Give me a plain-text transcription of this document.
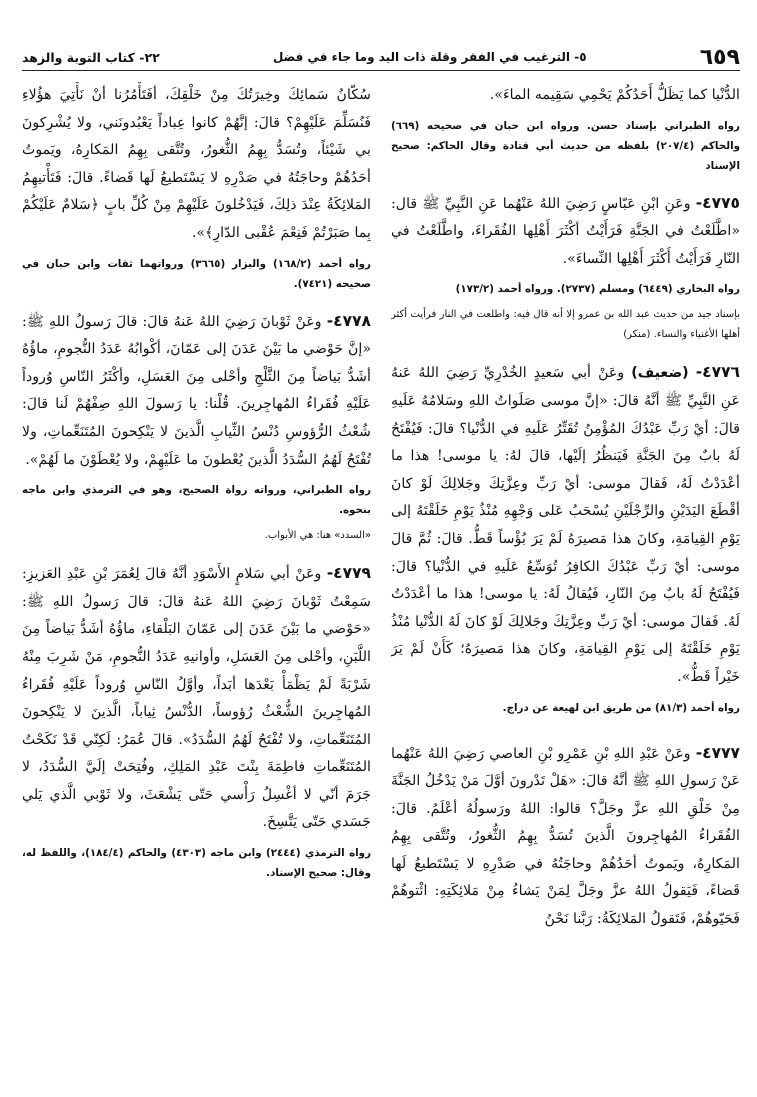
٦٥٩
٥- الترغيب في الفقر وقلة ذات اليد وما جاء في فضل
٢٢- كتاب التوبة والزهد

الدُّنْيا كما يَظَلُّ أَحَدُكُمْ يَحْمِي سَقِيمه الماءَ».

رواه الطبراني بإسناد حسن. ورواه ابن حبان في صحيحه (٦٦٩) والحاكم (٢٠٧/٤) بلفظه من حديث أبي قتادة وقال الحاكم: صحيح الإسناد

٤٧٧٥- وعَنِ ابْنِ عَبّاسٍ رَضِيَ اللهُ عَنْهُما عَنِ النَّبِيِّ ﷺ قال: «اطَّلَعْتُ في الجَنَّةِ فَرَأَيْتُ أكْثَرَ أَهْلِها الفُقَراءَ، واطَّلَعْتُ في النّارِ فَرَأَيْتُ أَكْثَرَ أَهْلِها النِّساءَ».

رواه البخاري (٦٤٤٩) ومسلم (٢٧٣٧). ورواه أحمد (١٧٣/٢)

بإسناد جيد من حديث عبد الله بن عمرو إلا أنه قال فيه: واطلعت في النار فرأيت أكثر أهلها الأغنياء والنساء. (منكر)

٤٧٧٦- (ضعيف) وعَنْ أبي سَعيدٍ الخُدْرِيِّ رَضِيَ اللهُ عَنهُ عَنِ النَّبِيِّ ﷺ أنَّهُ قالَ: «إنَّ موسى صَلَواتُ اللهِ وسَلامُهُ عَلَيهِ قالَ: أيْ رَبِّ عَبْدُكَ المُؤْمِنُ تُقَتِّرُ عَلَيهِ في الدُّنْيا؟ قالَ: فَيُفْتَحُ لَهُ بابٌ مِنَ الجَنَّةِ فَيَنظُرُ إلَيْها، قالَ لهُ: يا موسى! هذا ما أعْدَدْتُ لَهُ، فَقالَ موسى: أيْ رَبِّ وعِزَّتِكَ وجَلالِكَ لَوْ كانَ أقْطَعَ اليَدَيْنِ والرِّجْلَيْنِ يُسْحَبُ عَلى وَجْهِهِ مُنْذُ يَوْمِ خَلَقْتَهُ إلى يَوْمِ القِيامَةِ، وكانَ هذا مَصيرَهُ لَمْ يَرَ بُؤْساً قَطُّ. قالَ: ثُمَّ قالَ موسى: أيْ رَبِّ عَبْدُكَ الكافِرُ تُوَسِّعُ عَلَيهِ في الدُّنْيا؟ قالَ: فَيُفْتَحُ لَهُ بابٌ مِنَ النّارِ، فَيُقالُ لَهُ: يا موسى! هذا ما أعْدَدْتُ لَهُ. فَقالَ موسى: أيْ رَبِّ وعِزَّتِكَ وجَلالِكَ لَوْ كانَ لَهُ الدُّنْيا مُنْذُ يَوْمِ خَلَقْتَهُ إلى يَوْمِ القِيامَةِ، وكانَ هذا مَصيرَهُ؛ كَأَنْ لَمْ يَرَ خَيْراً قَطُّ».

رواه أحمد (٨١/٣) من طريق ابن لهيعة عن دراج.

٤٧٧٧- وعَنْ عَبْدِ اللهِ بْنِ عَمْرِو بْنِ العاصي رَضِيَ اللهُ عَنْهُما عَنْ رَسولِ اللهِ ﷺ أنَّهُ قالَ: «هَلْ تَدْرونَ أوَّلَ مَنْ يَدْخُلُ الجَنَّةَ مِنْ خَلْقِ اللهِ عزَّ وجَلَّ؟ قالوا: اللهُ ورَسولُهُ أعْلَمُ. قالَ: الفُقَراءُ المُهاجِرونَ الَّذينَ تُسَدُّ بِهِمُ الثُّغورُ، وتُتَّقى بِهِمُ المَكارِهُ، ويَموتُ أحَدُهُمْ وحاجَتُهُ في صَدْرِهِ لا يَسْتَطيعُ لَها قَضاءً، فَيَقولُ اللهُ عزَّ وجَلَّ لِمَنْ يَشاءُ مِنْ مَلائِكَتِهِ: ائْتوهُمْ فَحَيّوهُمْ، فَتَقولُ المَلائِكَةُ: رَبَّنا نَحْنُ

سُكّانُ سَمائِكَ وخِيرَتُكَ مِنْ خَلْقِكَ، أفَتَأْمُرُنا أنْ نَأْتِيَ هؤُلاءِ فَنُسَلِّمَ عَلَيْهِمْ؟ قالَ: إنَّهُمْ كانوا عِباداً يَعْبُدونَني، ولا يُشْرِكونَ بي شَيْئاً، وتُسَدُّ بِهِمُ الثُّغورُ، وتُتَّقى بِهِمُ المَكارِهُ، ويَموتُ أحَدُهُمْ وحاجَتُهُ في صَدْرِهِ لا يَسْتَطيعُ لَها قَضاءً. قالَ: فَتَأْتيهِمُ المَلائِكَةُ عِنْدَ ذلِكَ، فَيَدْخُلونَ عَلَيْهِمْ مِنْ كُلِّ بابٍ ﴿سَلامٌ عَلَيْكُمْ بِما صَبَرْتُمْ فَنِعْمَ عُقْبى الدّارِ﴾».

رواه أحمد (١٦٨/٢) والبزار (٣٦٦٥) ورواتهما ثقات وابن حبان في صحيحه (٧٤٢١).

٤٧٧٨- وعَنْ ثَوْبانَ رَضِيَ اللهُ عَنهُ قالَ: قالَ رَسولُ اللهِ ﷺ: «إنَّ حَوْضي ما بَيْنَ عَدَنَ إلى عَمّانَ، أكْوابُهُ عَدَدُ النُّجومِ، ماؤُهُ أشَدُّ بَياضاً مِنَ الثَّلْجِ وأحْلى مِنَ العَسَلِ، وأكْثَرُ النّاسِ وُروداً عَلَيْهِ فُقَراءُ المُهاجِرينَ. قُلْنا: يا رَسولَ اللهِ صِفْهُمْ لَنا قالَ: شُعْثُ الرُّؤوسِ دُنْسُ الثِّيابِ الَّذينَ لا يَنْكِحونَ المُتَنَعِّماتِ، ولا تُفْتَحُ لَهُمُ السُّدَدُ الَّذينَ يُعْطونَ ما عَلَيْهِمْ، ولا يُعْطَوْنَ ما لَهُمْ».

رواه الطبراني، ورواته رواة الصحيح، وهو في الترمذي وابن ماجه بنحوه.

«السدد» هنا: هي الأبواب.

٤٧٧٩- وعَنْ أبي سَلامٍ الأَسْوَدِ أنَّهُ قالَ لِعُمَرَ بْنِ عَبْدِ العَزيزِ: سَمِعْتُ ثَوْبانَ رَضِيَ اللهُ عَنهُ قالَ: قالَ رَسولُ اللهِ ﷺ: «حَوْضي ما بَيْنَ عَدَنَ إلى عَمّانَ البَلْقاءِ، ماؤُهُ أشَدُّ بَياضاً مِنَ اللَّبَنِ، وأحْلى مِنَ العَسَلِ، وأوانيهِ عَدَدُ النُّجومِ، مَنْ شَرِبَ مِنْهُ شَرْبَةً لَمْ يَظْمَأْ بَعْدَها أبَداً، وأوَّلُ النّاسِ وُروداً عَلَيْهِ فُقَراءُ المُهاجِرينَ الشُّعْثُ رُؤوساً، الدُّنْسُ ثِياباً، الَّذينَ لا يَنْكِحونَ المُتَنَعِّماتِ، ولا تُفْتَحُ لَهُمُ السُّدَدُ». قالَ عُمَرُ: لَكِنّي قَدْ نَكَحْتُ المُتَنَعِّماتِ فاطِمَةَ بِنْتَ عَبْدِ المَلِكِ، وفُتِحَتْ إلَيَّ السُّدَدُ، لا جَرَمَ أنّي لا أغْسِلُ رَأْسي حَتّى يَشْعَثَ، ولا ثَوْبي الَّذي يَلي جَسَدي حَتّى يَتَّسِخَ.

رواه الترمذي (٢٤٤٤) وابن ماجه (٤٣٠٣) والحاكم (١٨٤/٤)، واللفظ له، وقال: صحيح الإسناد.
